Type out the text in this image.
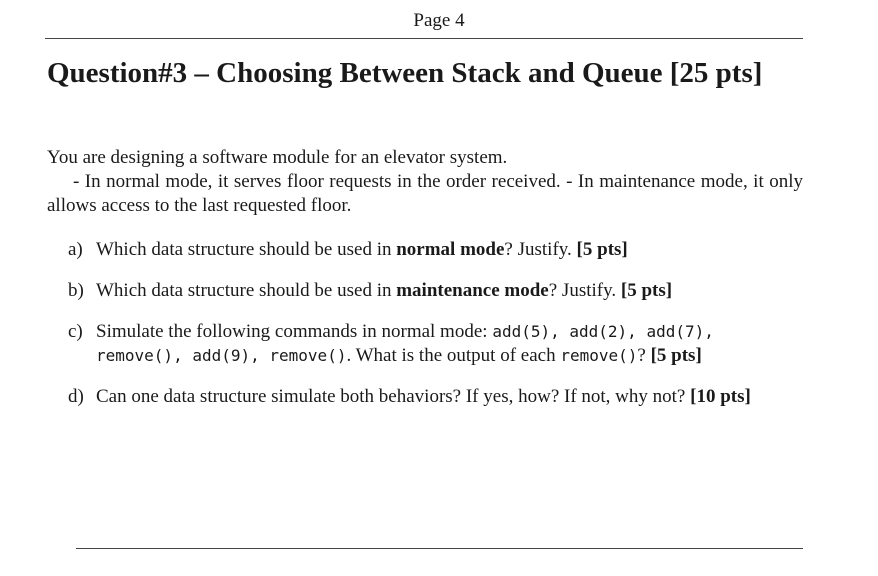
Page 4
Question#3 – Choosing Between Stack and Queue [25 pts]

You are designing a software module for an elevator system.

- In normal mode, it serves floor requests in the order received. - In maintenance mode, it only allows access to the last requested floor.

a) Which data structure should be used in normal mode? Justify. [5 pts]
b) Which data structure should be used in maintenance mode? Justify. [5 pts]
c) Simulate the following commands in normal mode: add(5), add(2), add(7), remove(), add(9), remove(). What is the output of each remove()? [5 pts]
d) Can one data structure simulate both behaviors? If yes, how? If not, why not? [10 pts]
